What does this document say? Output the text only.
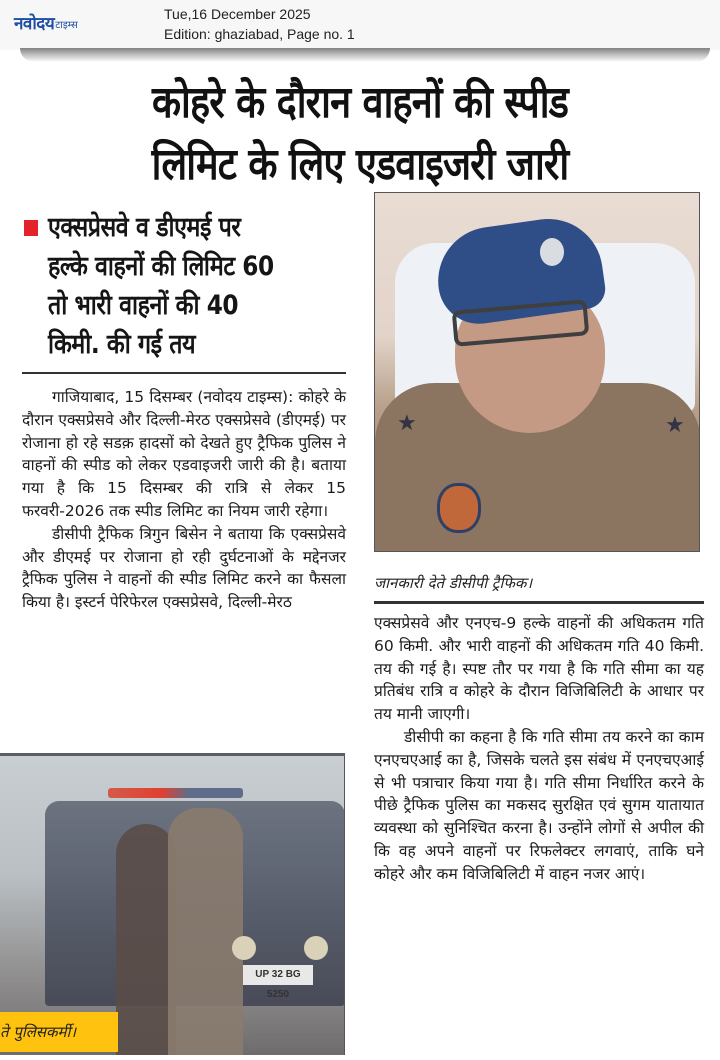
नवोदय टाइम्स
Tue,16 December 2025
Edition: ghaziabad, Page no. 1
कोहरे के दौरान वाहनों की स्पीड
लिमिट के लिए एडवाइजरी जारी
एक्सप्रेसवे व डीएमई पर
हल्के वाहनों की लिमिट 60
तो भारी वाहनों की 40
किमी. की गई तय

गाजियाबाद, 15 दिसम्बर (नवोदय टाइम्स): कोहरे के दौरान एक्सप्रेसवे और दिल्ली-मेरठ एक्सप्रेसवे (डीएमई) पर रोजाना हो रहे सडक़ हादसों को देखते हुए ट्रैफिक पुलिस ने वाहनों की स्पीड को लेकर एडवाइजरी जारी की है। बताया गया है कि 15 दिसम्बर की रात्रि से लेकर 15 फरवरी-2026 तक स्पीड लिमिट का नियम जारी रहेगा।

डीसीपी ट्रैफिक त्रिगुन बिसेन ने बताया कि एक्सप्रेसवे और डीएमई पर रोजाना हो रही दुर्घटनाओं के मद्देनजर ट्रैफिक पुलिस ने वाहनों की स्पीड लिमिट करने का फैसला किया है। इस्टर्न पेरिफेरल एक्सप्रेसवे, दिल्ली-मेरठ

★	★
जानकारी देते डीसीपी ट्रैफिक।

एक्सप्रेसवे और एनएच-9 हल्के वाहनों की अधिकतम गति 60 किमी. और भारी वाहनों की अधिकतम गति 40 किमी. तय की गई है। स्पष्ट तौर पर गया है कि गति सीमा का यह प्रतिबंध रात्रि व कोहरे के दौरान विजिबिलिटी के आधार पर तय मानी जाएगी।

डीसीपी का कहना है कि गति सीमा तय करने का काम एनएचएआई का है, जिसके चलते इस संबंध में एनएचएआई से भी पत्राचार किया गया है। गति सीमा निर्धारित करने के पीछे ट्रैफिक पुलिस का मकसद सुरक्षित एवं सुगम यातायात व्यवस्था को सुनिश्चित करना है। उन्होंने लोगों से अपील की कि वह अपने वाहनों पर रिफलेक्टर लगवाएं, ताकि घने कोहरे और कम विजिबिलिटी में वाहन नजर आएं।

UP 32 BG 5250
ते पुलिसकर्मी।
